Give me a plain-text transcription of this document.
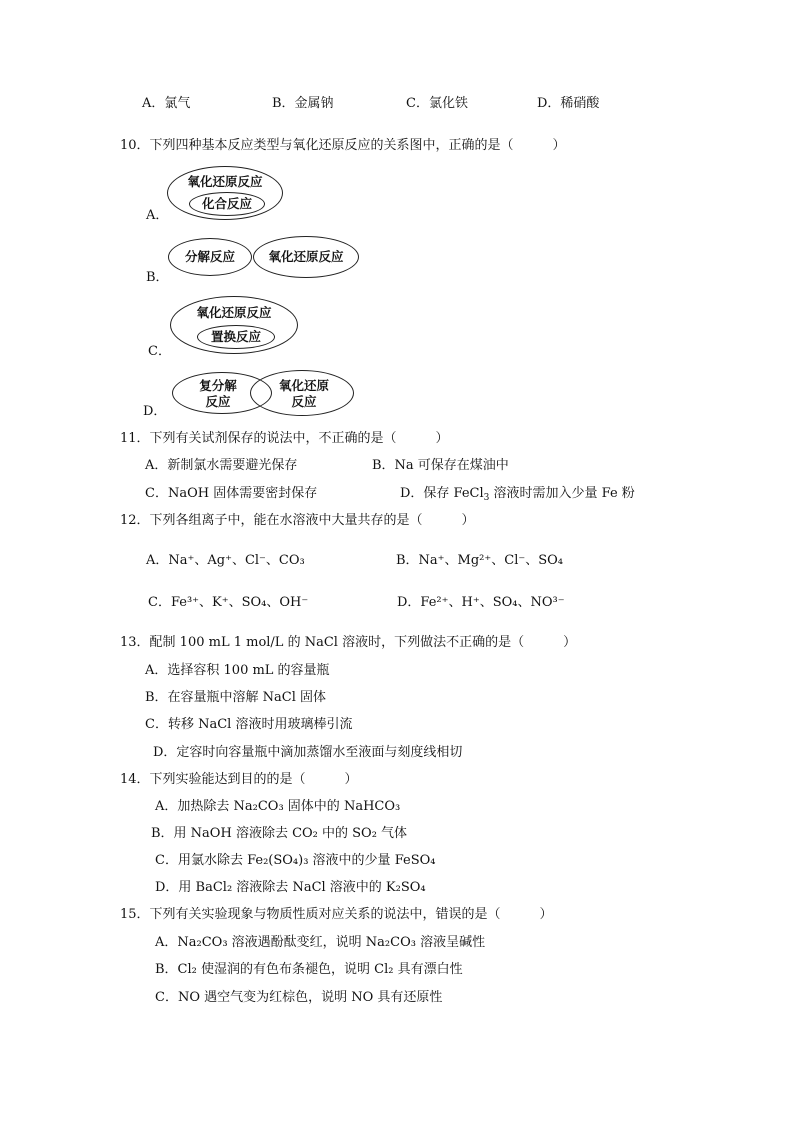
A．氯气	B．金属钠	C．氯化铁	D．稀硝酸
10．下列四种基本反应类型与氧化还原反应的关系图中，正确的是（　　　）
A．
氧化还原反应
化合反应
B．
分解反应	氧化还原反应
C．
氧化还原反应
置换反应
D．
复分解
反应
氧化还原
反应
11．下列有关试剂保存的说法中，不正确的是（　　　）
A．新制氯水需要避光保存	B．Na 可保存在煤油中
C．NaOH 固体需要密封保存	D．保存 FeCl$_3$ 溶液时需加入少量 Fe 粉
12．下列各组离子中，能在水溶液中大量共存的是（　　　）
A．Na⁺、Ag⁺、Cl⁻、CO₃	B．Na⁺、Mg²⁺、Cl⁻、SO₄
C．Fe³⁺、K⁺、SO₄、OH⁻	D．Fe²⁺、H⁺、SO₄、NO³⁻
13．配制 100 mL 1 mol/L 的 NaCl 溶液时，下列做法不正确的是（　　　）
A．选择容积 100 mL 的容量瓶
B．在容量瓶中溶解 NaCl 固体
C．转移 NaCl 溶液时用玻璃棒引流
D．定容时向容量瓶中滴加蒸馏水至液面与刻度线相切
14．下列实验能达到目的的是（　　　）
A．加热除去 Na₂CO₃ 固体中的 NaHCO₃
B．用 NaOH 溶液除去 CO₂ 中的 SO₂ 气体
C．用氯水除去 Fe₂(SO₄)₃ 溶液中的少量 FeSO₄
D．用 BaCl₂ 溶液除去 NaCl 溶液中的 K₂SO₄
15．下列有关实验现象与物质性质对应关系的说法中，错误的是（　　　）
A．Na₂CO₃ 溶液遇酚酞变红，说明 Na₂CO₃ 溶液呈碱性
B．Cl₂ 使湿润的有色布条褪色，说明 Cl₂ 具有漂白性
C．NO 遇空气变为红棕色，说明 NO 具有还原性
